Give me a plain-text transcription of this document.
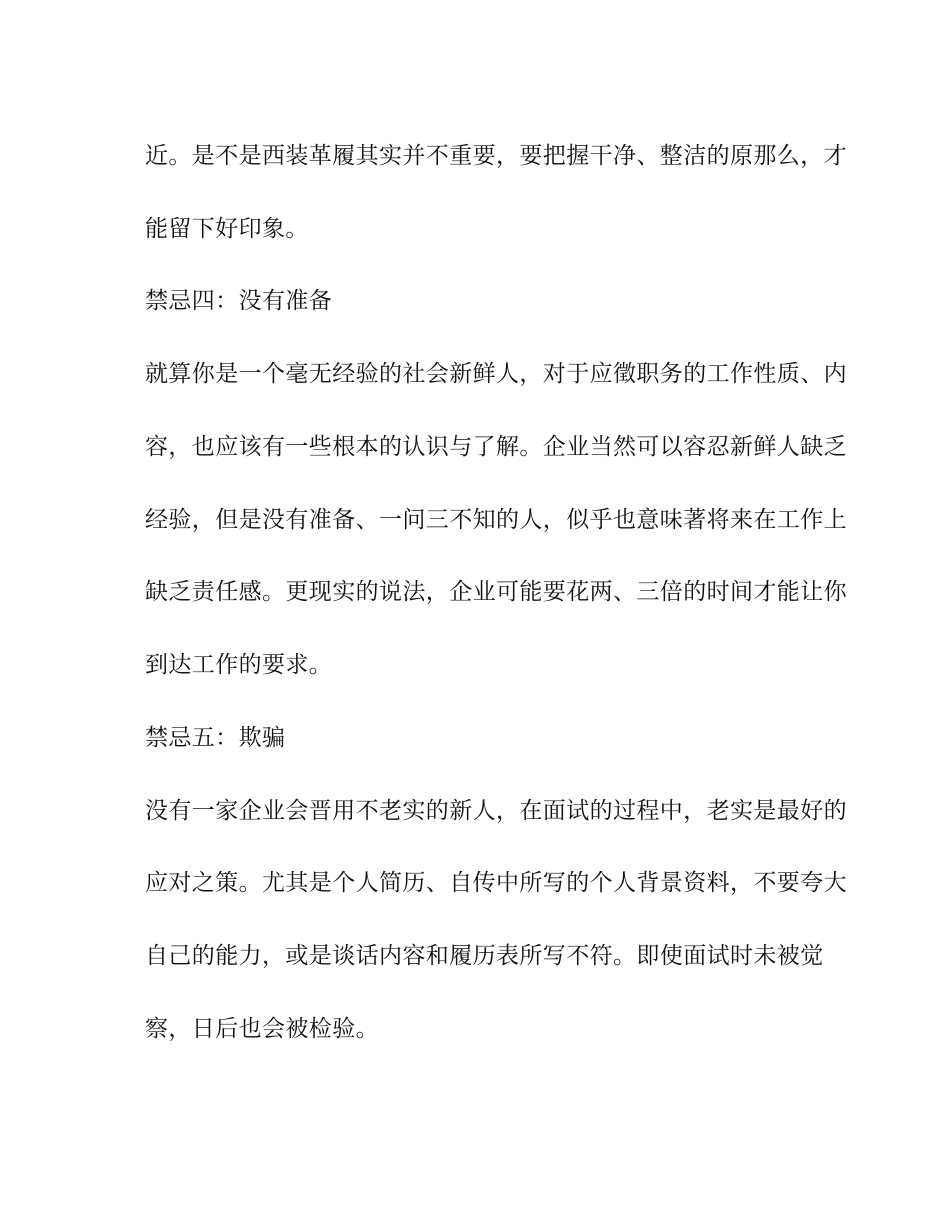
近。是不是西装革履其实并不重要，要把握干净、整洁的原那么，才
能留下好印象。
禁忌四：没有准备
就算你是一个毫无经验的社会新鲜人，对于应徵职务的工作性质、内
容，也应该有一些根本的认识与了解。企业当然可以容忍新鲜人缺乏
经验，但是没有准备、一问三不知的人，似乎也意味著将来在工作上
缺乏责任感。更现实的说法，企业可能要花两、三倍的时间才能让你
到达工作的要求。
禁忌五：欺骗
没有一家企业会晋用不老实的新人，在面试的过程中，老实是最好的
应对之策。尤其是个人简历、自传中所写的个人背景资料，不要夸大
自己的能力，或是谈话内容和履历表所写不符。即使面试时未被觉
察，日后也会被检验。
